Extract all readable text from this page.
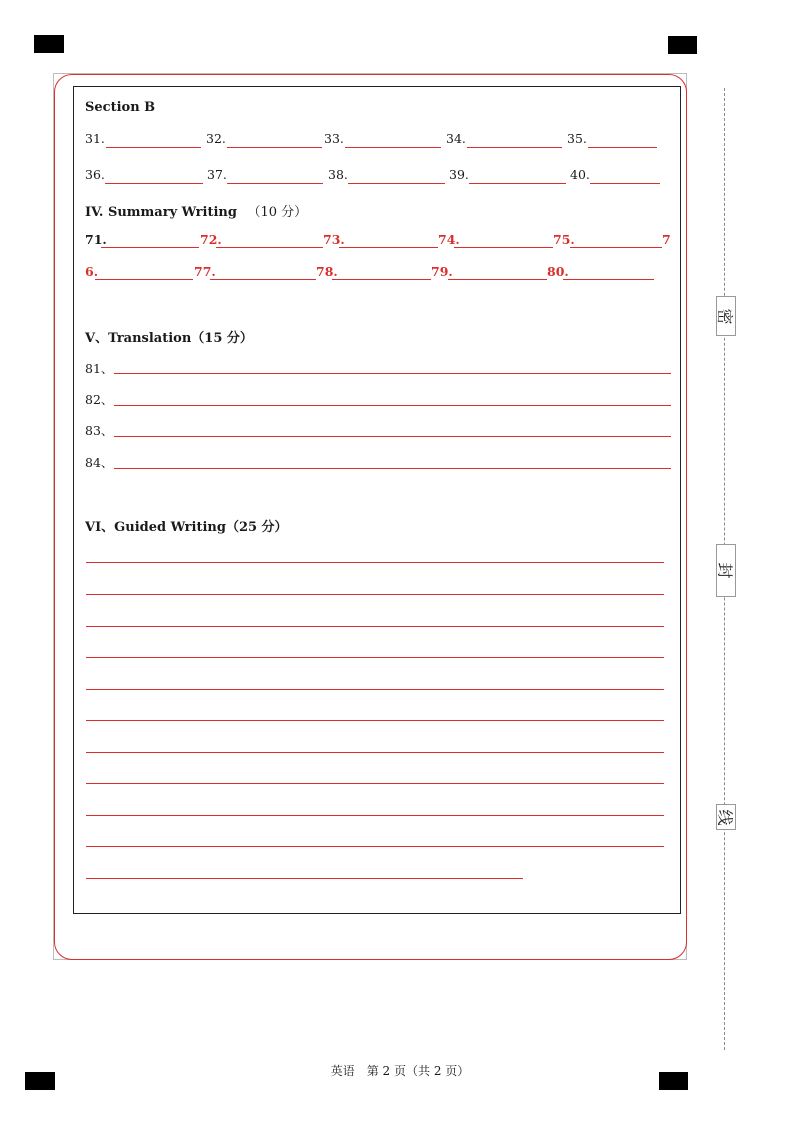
Section B
31.	32.	33.	34.	35.
36.	37.	38.	39.	40.
IV. Summary Writing （10 分）
71.	72.	73.	74.	75.	7
6.	77.	78.	79.	80.
V、Translation（15 分）
81、
82、
83、
84、
VI、Guided Writing（25 分）
密
封
线
英语　第 2 页（共 2 页）
